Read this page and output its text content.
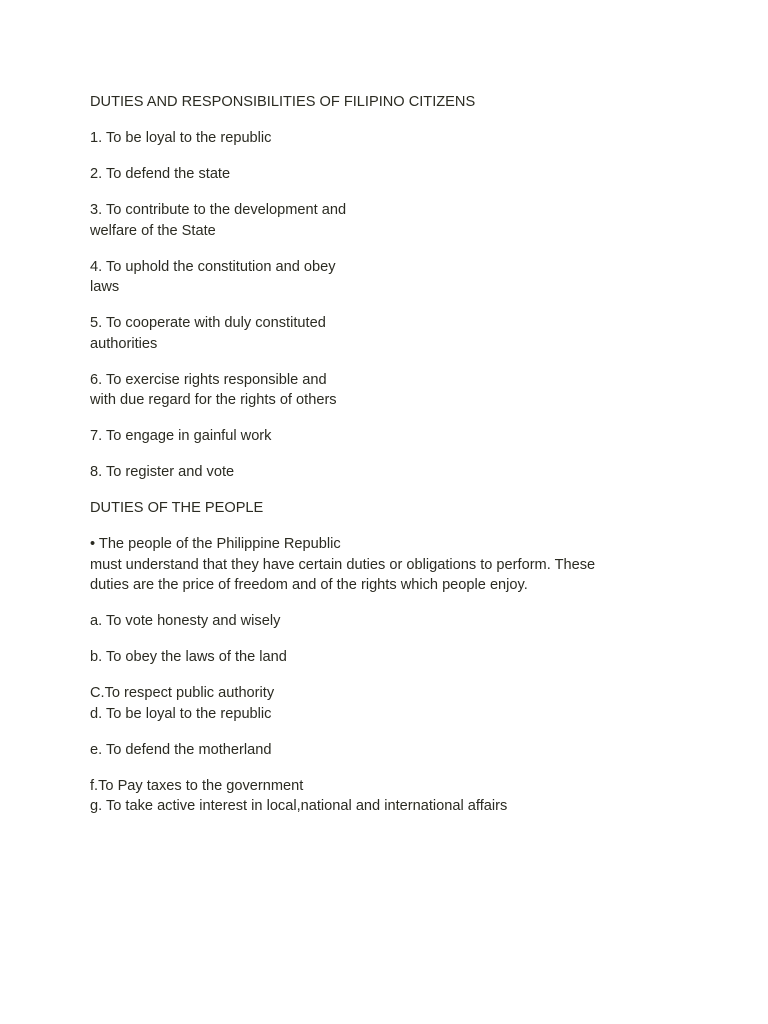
DUTIES AND RESPONSIBILITIES OF FILIPINO CITIZENS

1. To be loyal to the republic

2. To defend the state

3. To contribute to the development and
welfare of the State

4. To uphold the constitution and obey
laws

5. To cooperate with duly constituted
authorities

6. To exercise rights responsible and
with due regard for the rights of others

7. To engage in gainful work

8. To register and vote

DUTIES OF THE PEOPLE

• The people of the Philippine Republic
must understand that they have certain duties or obligations to perform. These
duties are the price of freedom and of the rights which people enjoy.

a. To vote honesty and wisely

b. To obey the laws of the land

C.To respect public authority

d. To be loyal to the republic

e. To defend the motherland

f.To Pay taxes to the government

g. To take active interest in local,national and international affairs
